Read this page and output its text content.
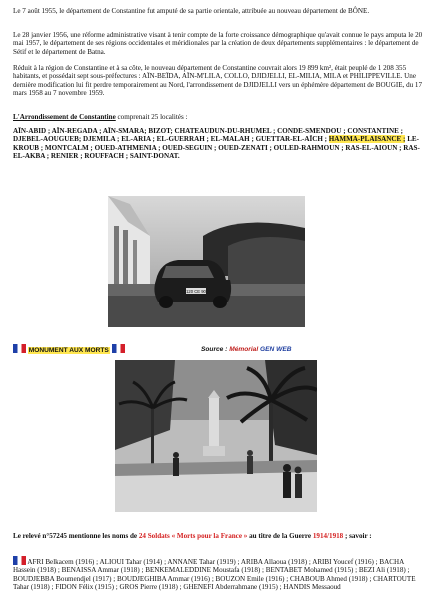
Le 7 août 1955, le département de Constantine fut amputé de sa partie orientale, attribuée au nouveau département de BÔNE.
Le 28 janvier 1956, une réforme administrative visant à tenir compte de la forte croissance démographique qu'avait connue le pays amputa le 20 mai 1957, le département de ses régions occidentales et méridionales par la création de deux départements supplémentaires : le département de Sétif et le département de Batna.
Réduit à la région de Constantine et à sa côte, le nouveau département de Constantine couvrait alors 19 899 km², était peuplé de 1 208 355 habitants, et possédait sept sous-préfectures : AÏN-BEÏDA, AÏN-M'LILA, COLLO, DJIDJELLI, EL-MILIA, MILA et PHILIPPEVILLE. Une dernière modification lui fit perdre temporairement au Nord, l'arrondissement de DJIDJELLI vers un éphémère département de BOUGIE, du 17 mars 1958 au 7 novembre 1959.
L'Arrondissement de Constantine comprenait 25 localités :
AÏN-ABID ; AÏN-REGADA ; AÏN-SMARA; BIZOT; CHATEAUDUN-DU-RHUMEL ; CONDE-SMENDOU ; CONSTANTINE ; DJEBEL-AOUGUEB; DJEMILA ; EL-ARIA ; EL-GUERRAH ; EL-MALAH ; GUETTAR-EL-AÏCH ; HAMMA-PLAISANCE ; LE-KROUB ; MONTCALM ; OUED-ATHMENIA ; OUED-SEGUIN ; OUED-ZENATI ; OULED-RAHMOUN ; RAS-EL-AIOUN ; RAS-EL-AKBA ; RENIER ; ROUFFACH ; SAINT-DONAT.
120 CE 90
MONUMENT AUX MORTS	Source : Mémorial GEN WEB
Le relevé n°57245 mentionne les noms de 24 Soldats « Morts pour la France » au titre de la Guerre 1914/1918 ; savoir :
AFRI Belkacem (1916) ; ALIOUI Tahar (1914) ; ANNANE Tahar (1919) ; ARIBA Allaoua (1918) ; ARIBI Youcef (1916) ; BACHA Hassein (1918) ; BENAISSA Ammar (1918) ; BENKEMALEDDINE Moustafa (1918) ; BENTABET Mohamed (1915) ; BEZI Ali (1918) ; BOUDJEBBA Boumendjel (1917) ; BOUDJEGHIBA Ammar (1916) ; BOUZON Emile (1916) ; CHABOUB Ahmed (1918) ; CHARTOUTE Tahar (1918) ; FIDON Félix (1915) ; GROS Pierre (1918) ; GHENEFI Abderrahmane (1915) ; HANDIS Messaoud
